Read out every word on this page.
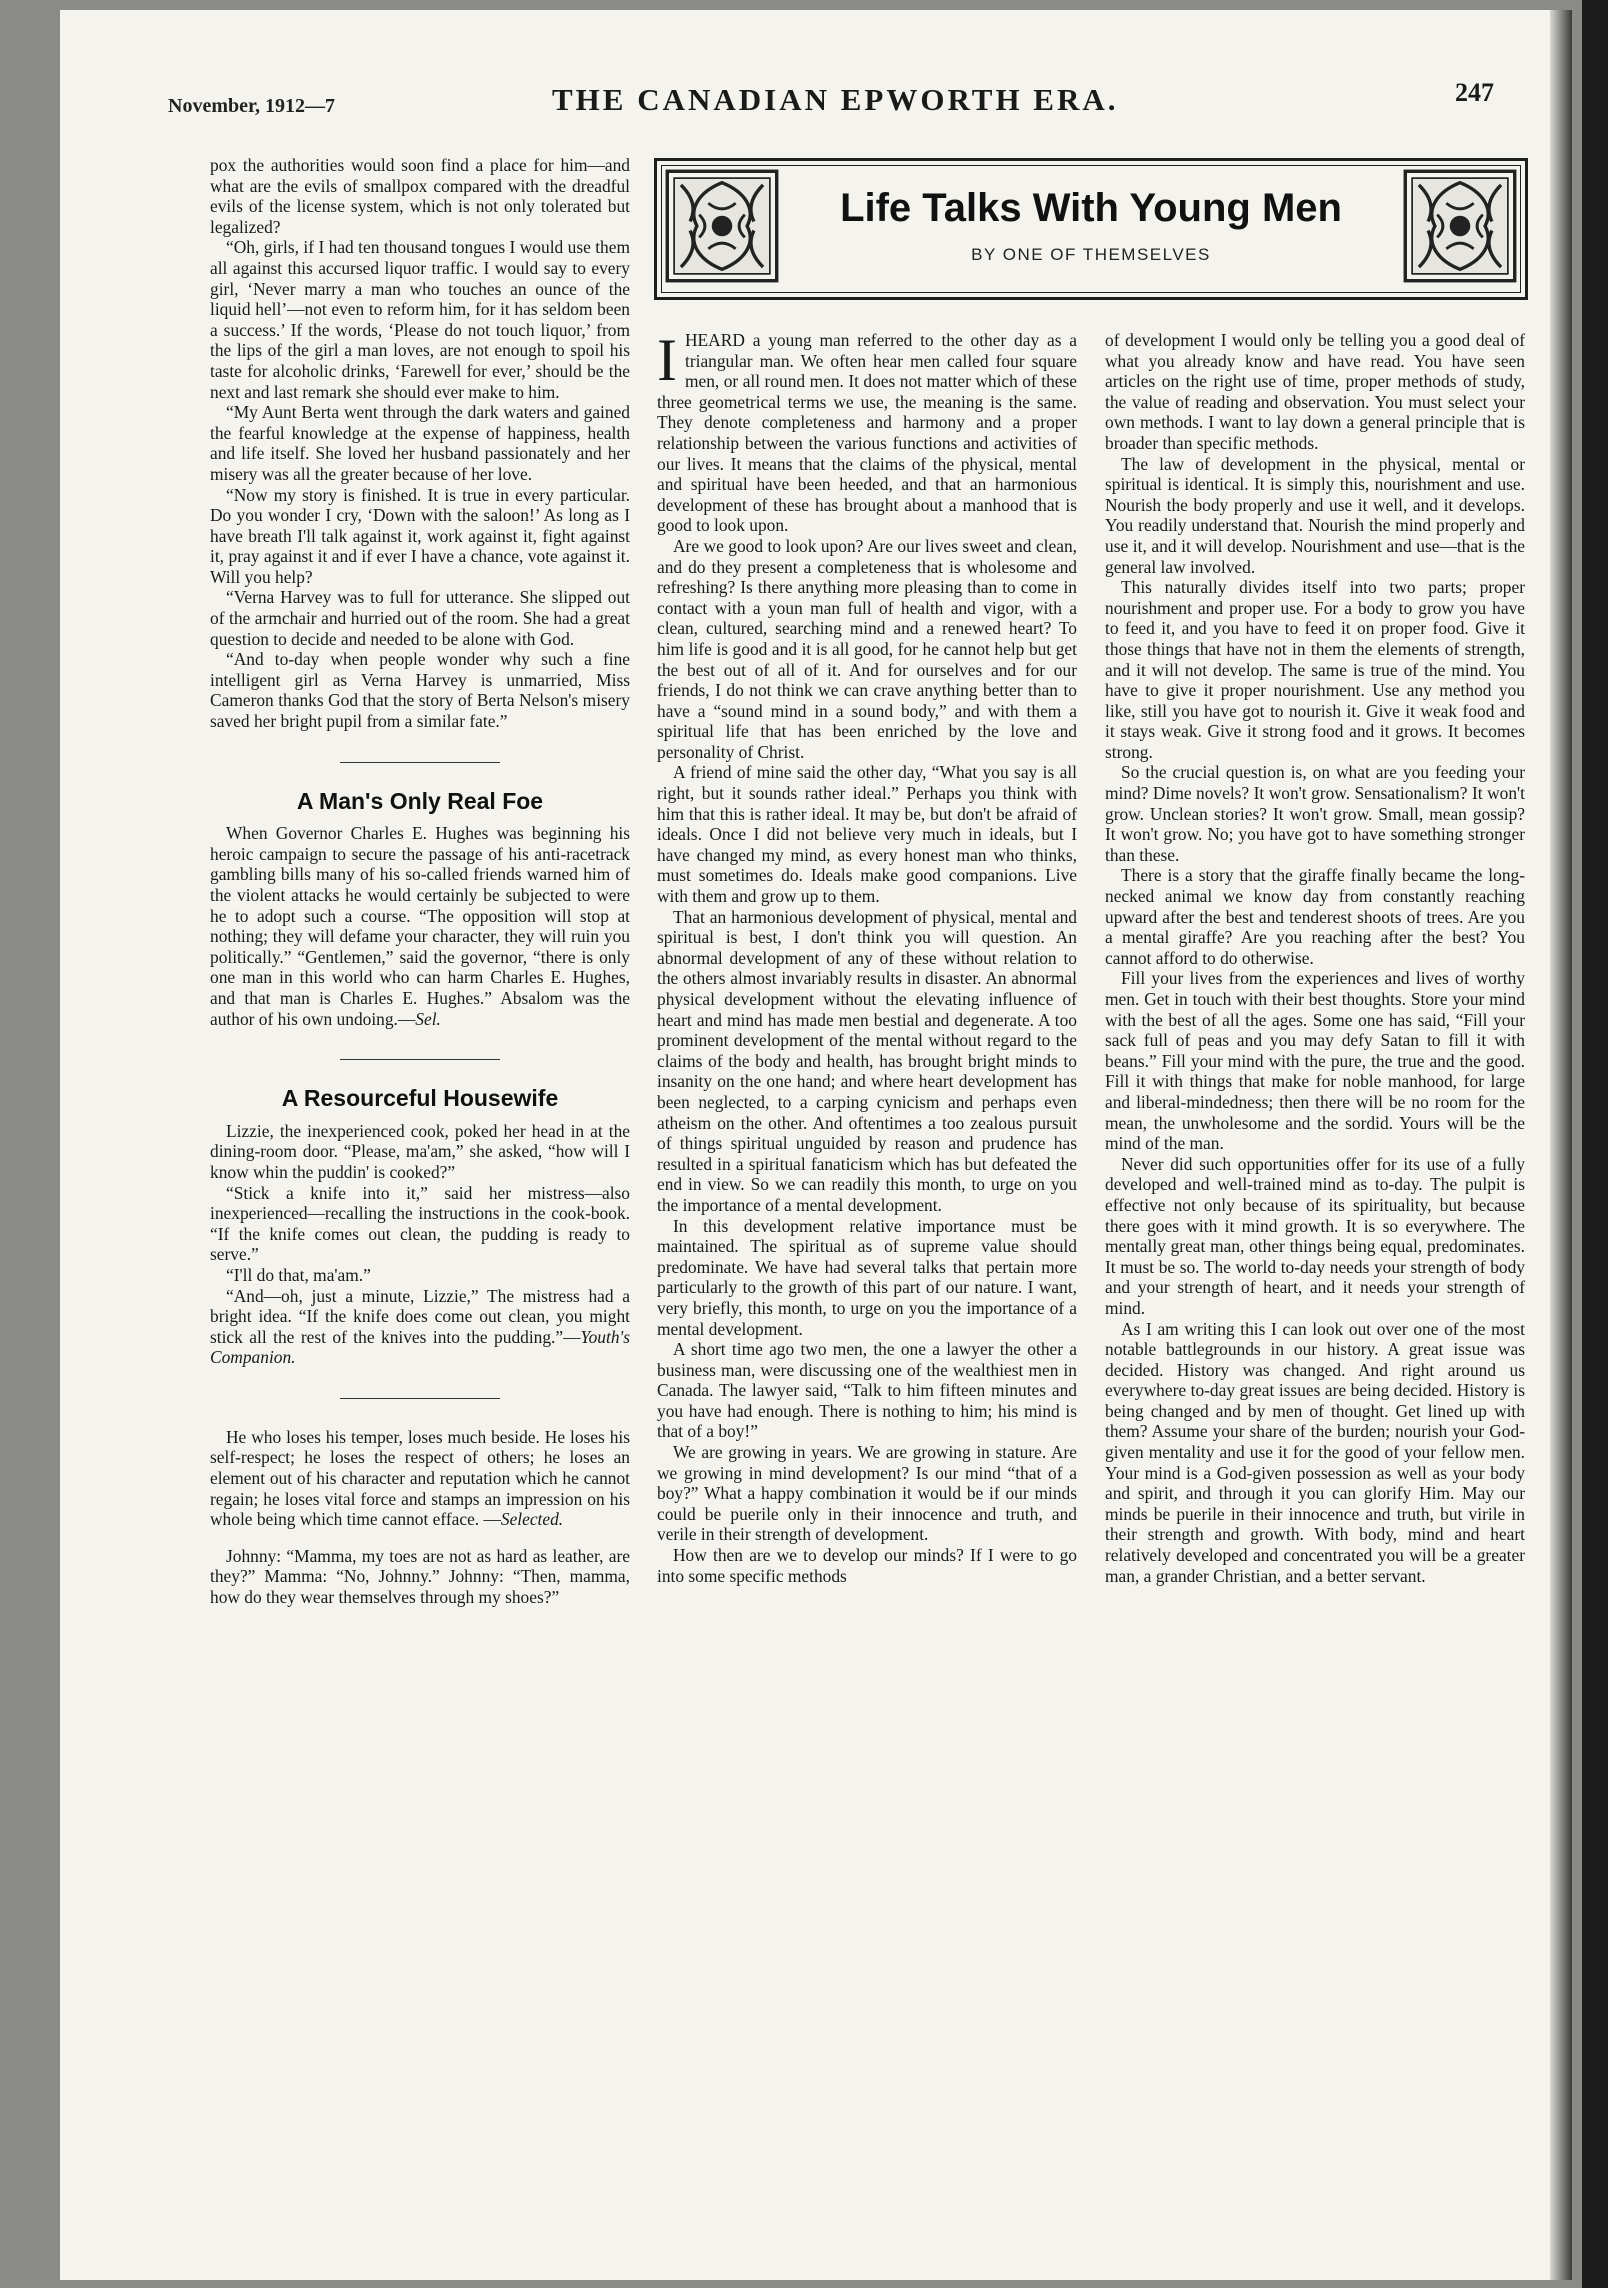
November, 1912—7	THE CANADIAN EPWORTH ERA.	247

pox the authorities would soon find a place for him—and what are the evils of smallpox compared with the dreadful evils of the license system, which is not only tolerated but legalized?

“Oh, girls, if I had ten thousand tongues I would use them all against this accursed liquor traffic. I would say to every girl, ‘Never marry a man who touches an ounce of the liquid hell’—not even to reform him, for it has seldom been a success.’ If the words, ‘Please do not touch liquor,’ from the lips of the girl a man loves, are not enough to spoil his taste for alcoholic drinks, ‘Farewell for ever,’ should be the next and last remark she should ever make to him.

“My Aunt Berta went through the dark waters and gained the fearful knowledge at the expense of happiness, health and life itself. She loved her husband passionately and her misery was all the greater because of her love.

“Now my story is finished. It is true in every particular. Do you wonder I cry, ‘Down with the saloon!’ As long as I have breath I'll talk against it, work against it, fight against it, pray against it and if ever I have a chance, vote against it. Will you help?

“Verna Harvey was to full for utterance. She slipped out of the armchair and hurried out of the room. She had a great question to decide and needed to be alone with God.

“And to-day when people wonder why such a fine intelligent girl as Verna Harvey is unmarried, Miss Cameron thanks God that the story of Berta Nelson's misery saved her bright pupil from a similar fate.”

A Man's Only Real Foe

When Governor Charles E. Hughes was beginning his heroic campaign to secure the passage of his anti-racetrack gambling bills many of his so-called friends warned him of the violent attacks he would certainly be subjected to were he to adopt such a course. “The opposition will stop at nothing; they will defame your character, they will ruin you politically.” “Gentlemen,” said the governor, “there is only one man in this world who can harm Charles E. Hughes, and that man is Charles E. Hughes.” Absalom was the author of his own undoing.—Sel.

A Resourceful Housewife

Lizzie, the inexperienced cook, poked her head in at the dining-room door. “Please, ma'am,” she asked, “how will I know whin the puddin' is cooked?”

“Stick a knife into it,” said her mistress—also inexperienced—recalling the instructions in the cook-book. “If the knife comes out clean, the pudding is ready to serve.”

“I'll do that, ma'am.”

“And—oh, just a minute, Lizzie,” The mistress had a bright idea. “If the knife does come out clean, you might stick all the rest of the knives into the pudding.”—Youth's Companion.

He who loses his temper, loses much beside. He loses his self-respect; he loses the respect of others; he loses an element out of his character and reputation which he cannot regain; he loses vital force and stamps an impression on his whole being which time cannot efface. —Selected.

Johnny: “Mamma, my toes are not as hard as leather, are they?” Mamma: “No, Johnny.” Johnny: “Then, mamma, how do they wear themselves through my shoes?”

Life Talks With Young Men
BY ONE OF THEMSELVES

IHEARD a young man referred to the other day as a triangular man. We often hear men called four square men, or all round men. It does not matter which of these three geometrical terms we use, the meaning is the same. They denote completeness and harmony and a proper relationship between the various functions and activities of our lives. It means that the claims of the physical, mental and spiritual have been heeded, and that an harmonious development of these has brought about a manhood that is good to look upon.

Are we good to look upon? Are our lives sweet and clean, and do they present a completeness that is wholesome and refreshing? Is there anything more pleasing than to come in contact with a youn man full of health and vigor, with a clean, cultured, searching mind and a renewed heart? To him life is good and it is all good, for he cannot help but get the best out of all of it. And for ourselves and for our friends, I do not think we can crave anything better than to have a “sound mind in a sound body,” and with them a spiritual life that has been enriched by the love and personality of Christ.

A friend of mine said the other day, “What you say is all right, but it sounds rather ideal.” Perhaps you think with him that this is rather ideal. It may be, but don't be afraid of ideals. Once I did not believe very much in ideals, but I have changed my mind, as every honest man who thinks, must sometimes do. Ideals make good companions. Live with them and grow up to them.

That an harmonious development of physical, mental and spiritual is best, I don't think you will question. An abnormal development of any of these without relation to the others almost invariably results in disaster. An abnormal physical development without the elevating influence of heart and mind has made men bestial and degenerate. A too prominent development of the mental without regard to the claims of the body and health, has brought bright minds to insanity on the one hand; and where heart development has been neglected, to a carping cynicism and perhaps even atheism on the other. And oftentimes a too zealous pursuit of things spiritual unguided by reason and prudence has resulted in a spiritual fanaticism which has but defeated the end in view. So we can readily this month, to urge on you the importance of a mental development.

In this development relative importance must be maintained. The spiritual as of supreme value should predominate. We have had several talks that pertain more particularly to the growth of this part of our nature. I want, very briefly, this month, to urge on you the importance of a mental development.

A short time ago two men, the one a lawyer the other a business man, were discussing one of the wealthiest men in Canada. The lawyer said, “Talk to him fifteen minutes and you have had enough. There is nothing to him; his mind is that of a boy!”

We are growing in years. We are growing in stature. Are we growing in mind development? Is our mind “that of a boy?” What a happy combination it would be if our minds could be puerile only in their innocence and truth, and verile in their strength of development.

How then are we to develop our minds? If I were to go into some specific methods

of development I would only be telling you a good deal of what you already know and have read. You have seen articles on the right use of time, proper methods of study, the value of reading and observation. You must select your own methods. I want to lay down a general principle that is broader than specific methods.

The law of development in the physical, mental or spiritual is identical. It is simply this, nourishment and use. Nourish the body properly and use it well, and it develops. You readily understand that. Nourish the mind properly and use it, and it will develop. Nourishment and use—that is the general law involved.

This naturally divides itself into two parts; proper nourishment and proper use. For a body to grow you have to feed it, and you have to feed it on proper food. Give it those things that have not in them the elements of strength, and it will not develop. The same is true of the mind. You have to give it proper nourishment. Use any method you like, still you have got to nourish it. Give it weak food and it stays weak. Give it strong food and it grows. It becomes strong.

So the crucial question is, on what are you feeding your mind? Dime novels? It won't grow. Sensationalism? It won't grow. Unclean stories? It won't grow. Small, mean gossip? It won't grow. No; you have got to have something stronger than these.

There is a story that the giraffe finally became the long-necked animal we know day from constantly reaching upward after the best and tenderest shoots of trees. Are you a mental giraffe? Are you reaching after the best? You cannot afford to do otherwise.

Fill your lives from the experiences and lives of worthy men. Get in touch with their best thoughts. Store your mind with the best of all the ages. Some one has said, “Fill your sack full of peas and you may defy Satan to fill it with beans.” Fill your mind with the pure, the true and the good. Fill it with things that make for noble manhood, for large and liberal-mindedness; then there will be no room for the mean, the unwholesome and the sordid. Yours will be the mind of the man.

Never did such opportunities offer for its use of a fully developed and well-trained mind as to-day. The pulpit is effective not only because of its spirituality, but because there goes with it mind growth. It is so everywhere. The mentally great man, other things being equal, predominates. It must be so. The world to-day needs your strength of body and your strength of heart, and it needs your strength of mind.

As I am writing this I can look out over one of the most notable battlegrounds in our history. A great issue was decided. History was changed. And right around us everywhere to-day great issues are being decided. History is being changed and by men of thought. Get lined up with them? Assume your share of the burden; nourish your God-given mentality and use it for the good of your fellow men. Your mind is a God-given possession as well as your body and spirit, and through it you can glorify Him. May our minds be puerile in their innocence and truth, but virile in their strength and growth. With body, mind and heart relatively developed and concentrated you will be a greater man, a grander Christian, and a better servant.
